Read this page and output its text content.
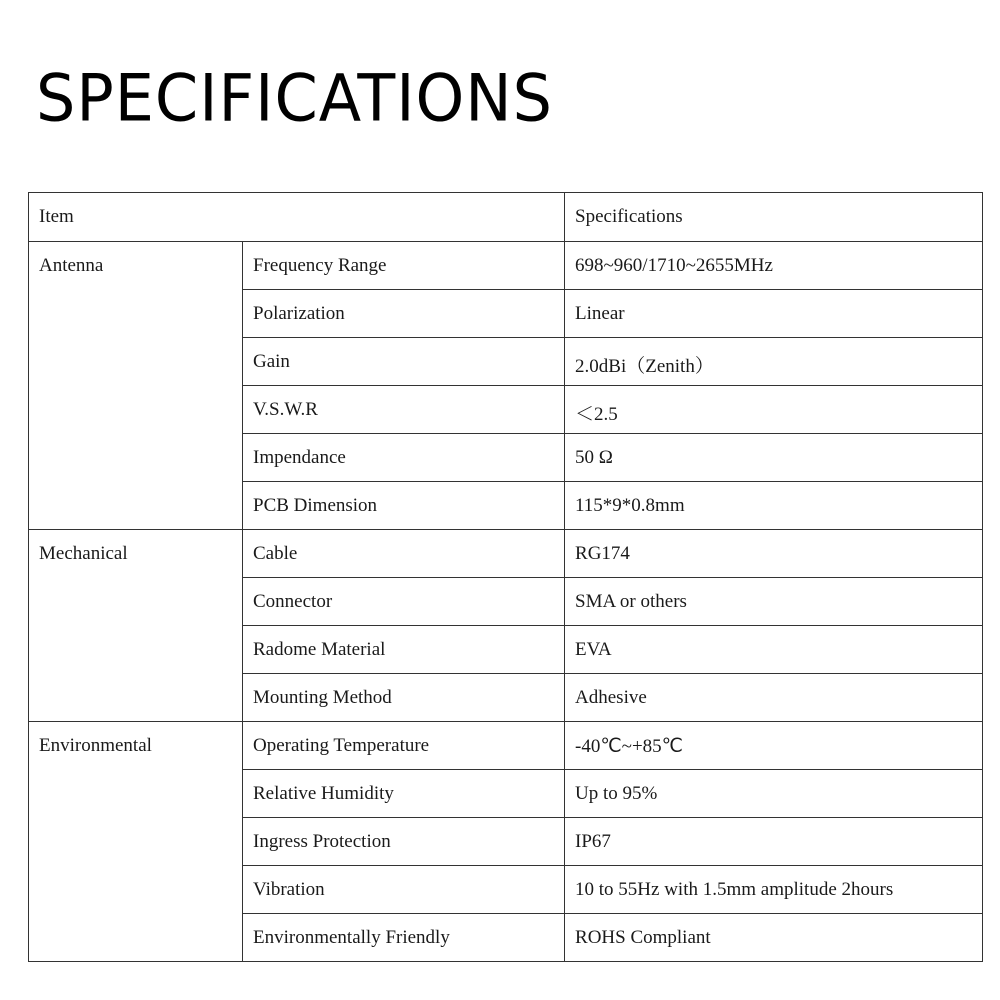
SPECIFICATIONS
Item		Specifications
Antenna	Frequency Range	698~960/1710~2655MHz
	Polarization	Linear
	Gain	2.0dBi（Zenith）
	V.S.W.R	＜2.5
	Impendance	50 Ω
	PCB Dimension	115*9*0.8mm
Mechanical	Cable	RG174
	Connector	SMA or others
	Radome Material	EVA
	Mounting Method	Adhesive
Environmental	Operating Temperature	-40℃~+85℃
	Relative Humidity	Up to 95%
	Ingress Protection	IP67
	Vibration	10 to 55Hz with 1.5mm amplitude 2hours
	Environmentally Friendly	ROHS Compliant
